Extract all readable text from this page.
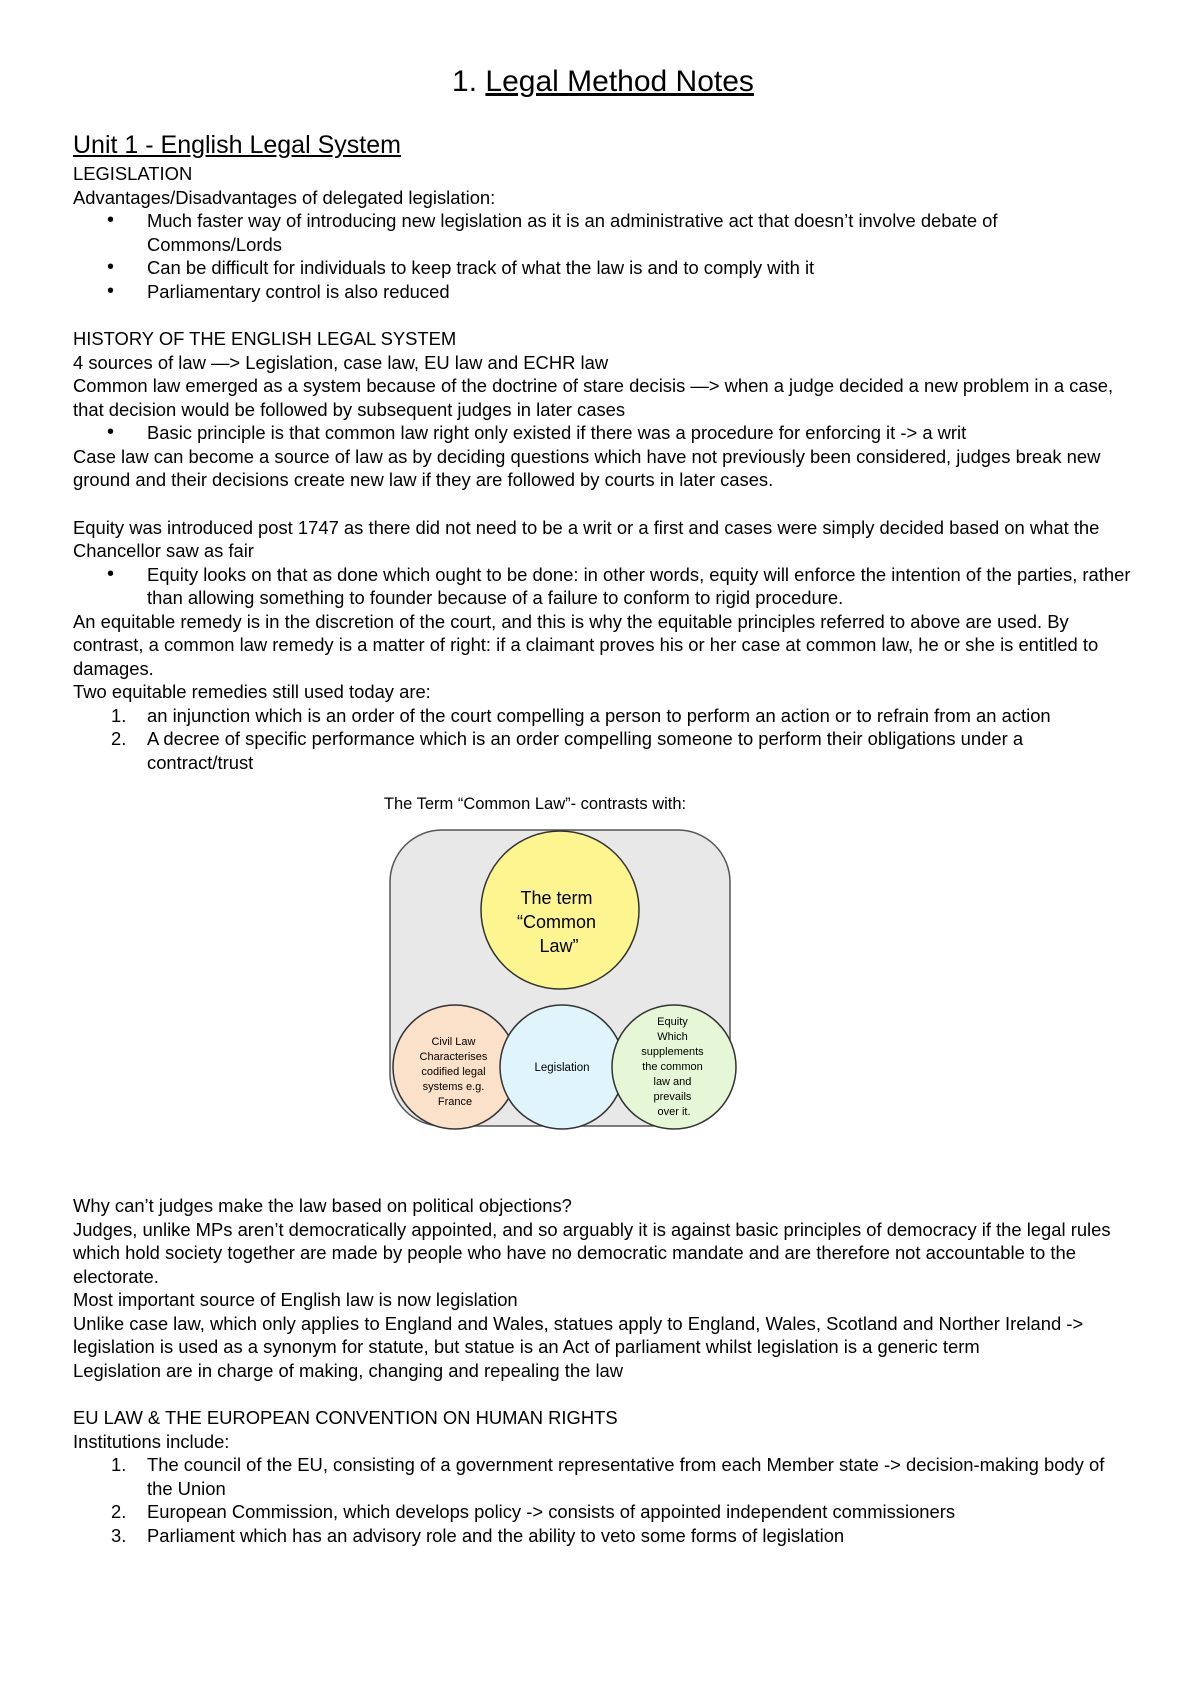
1. Legal Method Notes
Unit 1 - English Legal System

LEGISLATION

Advantages/Disadvantages of delegated legislation:

• Much faster way of introducing new legislation as it is an administrative act that doesn’t involve debate of Commons/Lords
• Can be difficult for individuals to keep track of what the law is and to comply with it
• Parliamentary control is also reduced

HISTORY OF THE ENGLISH LEGAL SYSTEM

4 sources of law —> Legislation, case law, EU law and ECHR law

Common law emerged as a system because of the doctrine of stare decisis —> when a judge decided a new problem in a case, that decision would be followed by subsequent judges in later cases

• Basic principle is that common law right only existed if there was a procedure for enforcing it -> a writ

Case law can become a source of law as by deciding questions which have not previously been considered, judges break new ground and their decisions create new law if they are followed by courts in later cases.

Equity was introduced post 1747 as there did not need to be a writ or a first and cases were simply decided based on what the Chancellor saw as fair

• Equity looks on that as done which ought to be done: in other words, equity will enforce the intention of the parties, rather than allowing something to founder because of a failure to conform to rigid procedure.

An equitable remedy is in the discretion of the court, and this is why the equitable principles referred to above are used. By contrast, a common law remedy is a matter of right: if a claimant proves his or her case at common law, he or she is entitled to damages.

Two equitable remedies still used today are:

1. an injunction which is an order of the court compelling a person to perform an action or to refrain from an action
2. A decree of specific performance which is an order compelling someone to perform their obligations under a contract/trust
The Term “Common Law”- contrasts with:
The term “Common Law”
Civil Law Characterises codified legal systems e.g. France
Legislation
Equity Which supplements the common law and prevails over it.

Why can’t judges make the law based on political objections?

Judges, unlike MPs aren’t democratically appointed, and so arguably it is against basic principles of democracy if the legal rules which hold society together are made by people who have no democratic mandate and are therefore not accountable to the electorate.

Most important source of English law is now legislation

Unlike case law, which only applies to England and Wales, statues apply to England, Wales, Scotland and Norther Ireland -> legislation is used as a synonym for statute, but statue is an Act of parliament whilst legislation is a generic term

Legislation are in charge of making, changing and repealing the law

EU LAW & THE EUROPEAN CONVENTION ON HUMAN RIGHTS

Institutions include:

1. The council of the EU, consisting of a government representative from each Member state -> decision-making body of the Union
2. European Commission, which develops policy -> consists of appointed independent commissioners
3. Parliament which has an advisory role and the ability to veto some forms of legislation
